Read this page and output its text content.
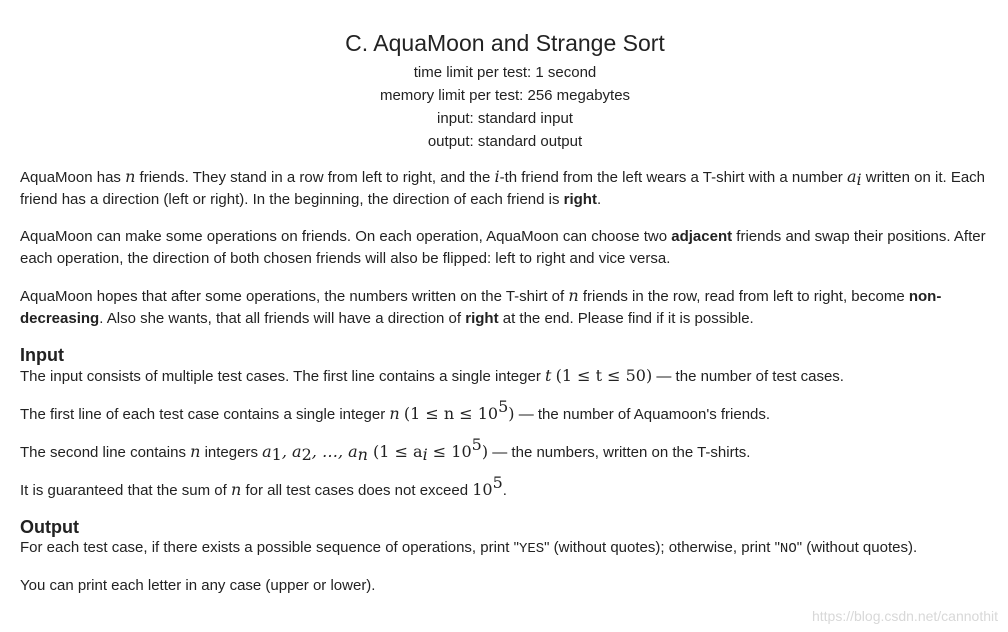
C. AquaMoon and Strange Sort
time limit per test: 1 second
memory limit per test: 256 megabytes
input: standard input
output: standard output

AquaMoon has n friends. They stand in a row from left to right, and the i-th friend from the left wears a T-shirt with a number $a_i$ written on it. Each friend has a direction (left or right). In the beginning, the direction of each friend is right.

AquaMoon can make some operations on friends. On each operation, AquaMoon can choose two adjacent friends and swap their positions. After each operation, the direction of both chosen friends will also be flipped: left to right and vice versa.

AquaMoon hopes that after some operations, the numbers written on the T-shirt of n friends in the row, read from left to right, become non-decreasing. Also she wants, that all friends will have a direction of right at the end. Please find if it is possible.

Input

The input consists of multiple test cases. The first line contains a single integer t (1 ≤ t ≤ 50) — the number of test cases.

The first line of each test case contains a single integer n $(1 \le n \le 10^5)$ — the number of Aquamoon's friends.

The second line contains n integers $a_1$, $a_2$, …, $a_n$ $(1 \le a_i \le 10^5)$ — the numbers, written on the T-shirts.

It is guaranteed that the sum of n for all test cases does not exceed $10^5$.

Output

For each test case, if there exists a possible sequence of operations, print "YES" (without quotes); otherwise, print "NO" (without quotes).

You can print each letter in any case (upper or lower).

https://blog.csdn.net/cannothit
